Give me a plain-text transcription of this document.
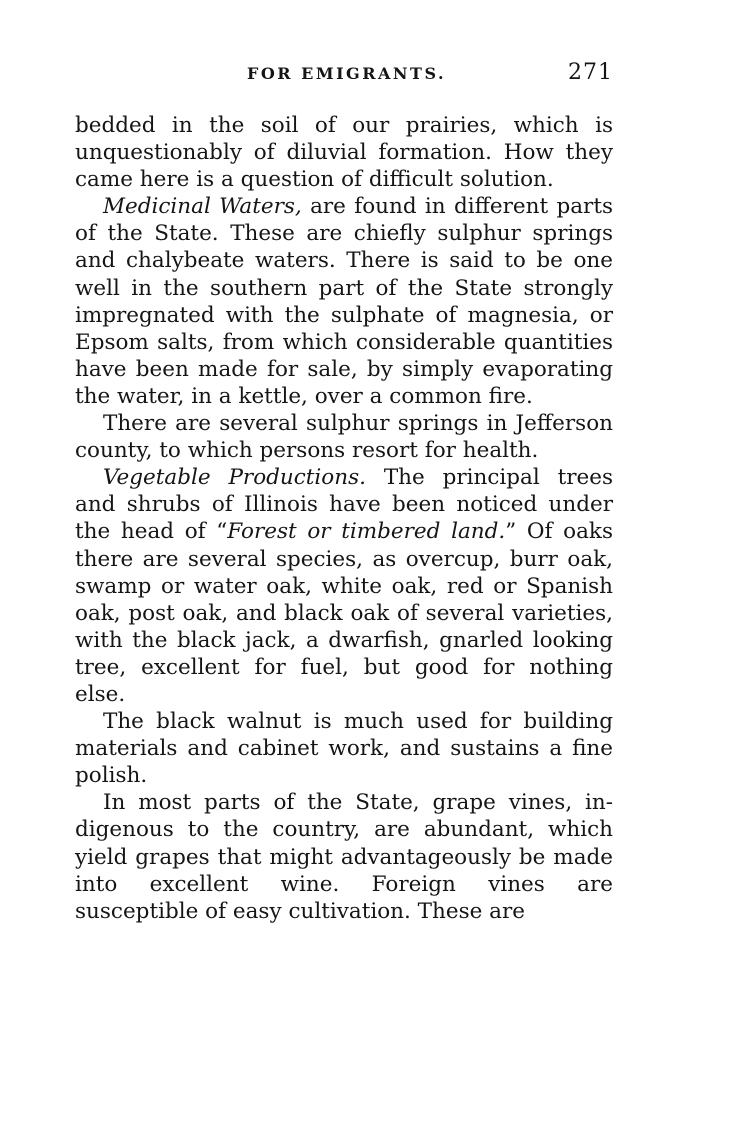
FOR EMIGRANTS.	271

bedded in the soil of our prairies, which is unquestionably of diluvial formation. How they came here is a question of difficult solution.

Medicinal Waters, are found in different parts of the State. These are chiefly sulphur springs and chalybeate waters. There is said to be one well in the southern part of the State strongly impregnated with the sulphate of magnesia, or Epsom salts, from which considerable quantities have been made for sale, by simply evaporating the water, in a kettle, over a common fire.

There are several sulphur springs in Jefferson county, to which persons resort for health.

Vegetable Productions. The principal trees and shrubs of Illinois have been noticed under the head of “Forest or timbered land.” Of oaks there are several species, as overcup, burr oak, swamp or water oak, white oak, red or Spanish oak, post oak, and black oak of several varieties, with the black jack, a dwarfish, gnarled looking tree, excellent for fuel, but good for nothing else.

The black walnut is much used for building materials and cabinet work, and sustains a fine polish.

In most parts of the State, grape vines, indigenous to the country, are abundant, which yield grapes that might advantageously be made into excellent wine. Foreign vines are susceptible of easy cultivation. These are
